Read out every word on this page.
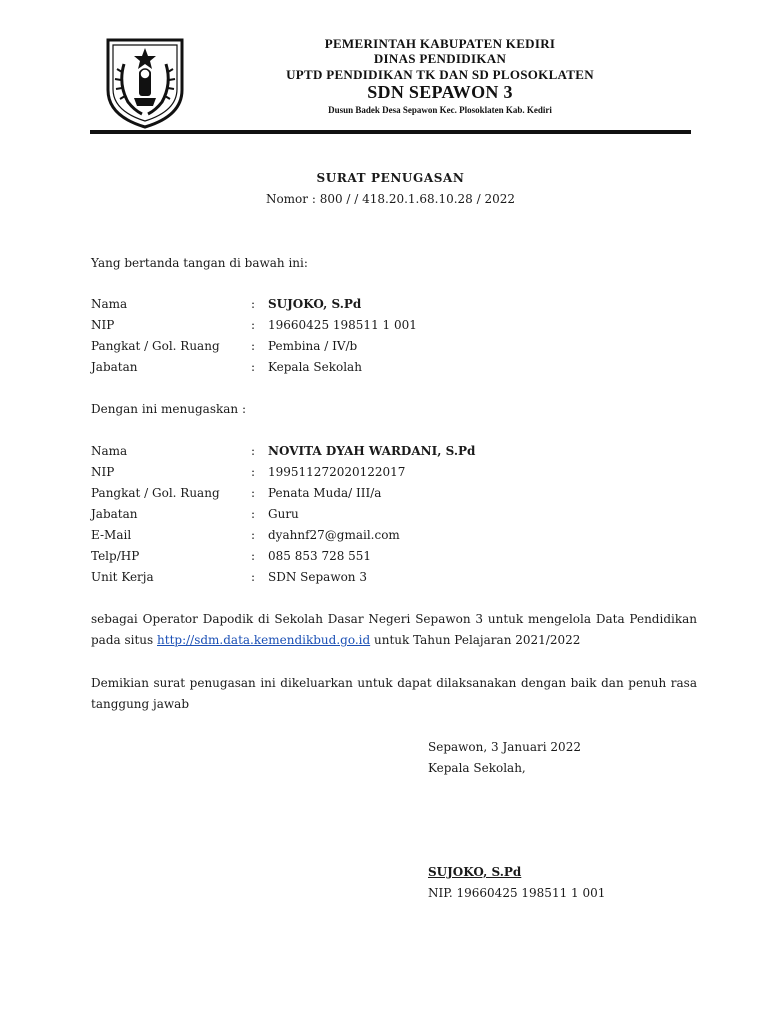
PEMERINTAH KABUPATEN KEDIRI
DINAS PENDIDIKAN
UPTD PENDIDIKAN TK DAN SD PLOSOKLATEN
SDN SEPAWON 3
Dusun Badek Desa Sepawon Kec. Plosoklaten Kab. Kediri
SURAT PENUGASAN
Nomor : 800 / / 418.20.1.68.10.28 / 2022
Yang bertanda tangan di bawah ini:
Nama	: SUJOKO, S.Pd
NIP	: 19660425 198511 1 001
Pangkat / Gol. Ruang	: Pembina / IV/b
Jabatan	: Kepala Sekolah
Dengan ini menugaskan :
Nama	: NOVITA DYAH WARDANI, S.Pd
NIP	: 199511272020122017
Pangkat / Gol. Ruang	: Penata Muda/ III/a
Jabatan	: Guru
E-Mail	: dyahnf27@gmail.com
Telp/HP	: 085 853 728 551
Unit Kerja	: SDN Sepawon 3
sebagai Operator Dapodik di Sekolah Dasar Negeri Sepawon 3 untuk mengelola Data Pendidikan pada situs http://sdm.data.kemendikbud.go.id untuk Tahun Pelajaran 2021/2022
Demikian surat penugasan ini dikeluarkan untuk dapat dilaksanakan dengan baik dan penuh rasa tanggung jawab
Sepawon, 3 Januari 2022
Kepala Sekolah,
SUJOKO, S.Pd
NIP. 19660425 198511 1 001
